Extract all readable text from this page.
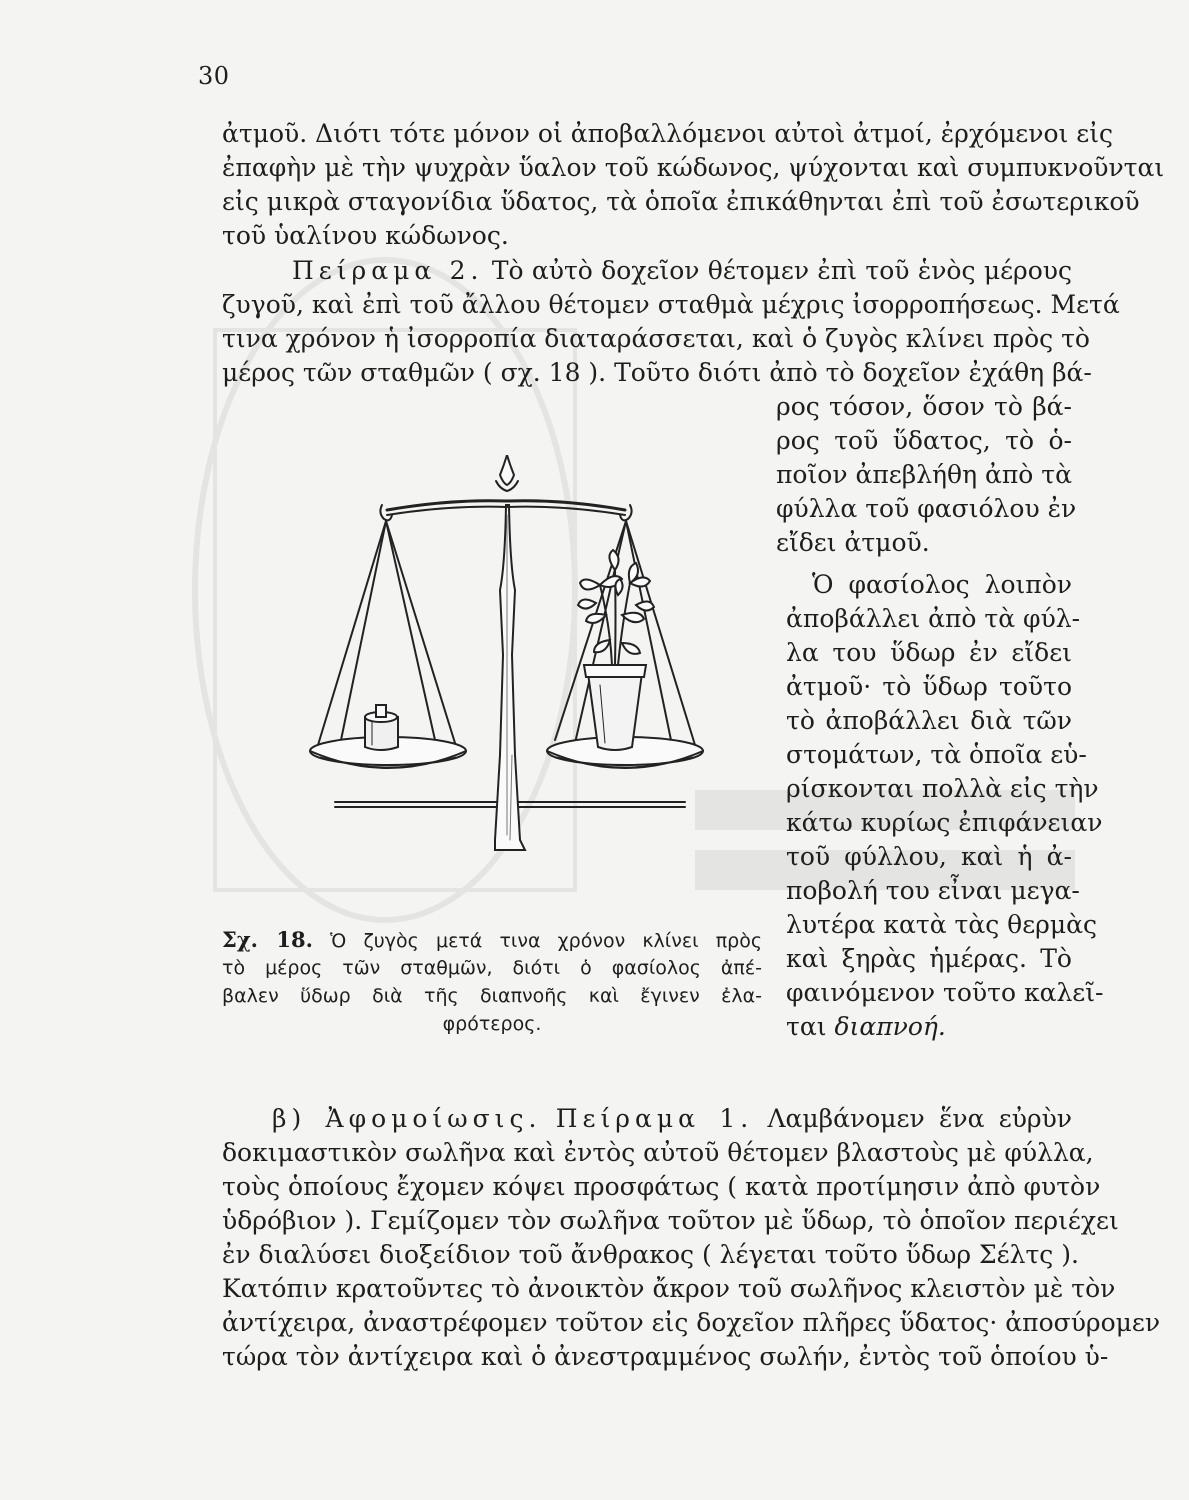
30
ἀτμοῦ. Διότι τότε μόνον οἱ ἀποβαλλόμενοι αὐτοὶ ἀτμοί, ἐρχόμενοι εἰς
ἐπαφὴν μὲ τὴν ψυχρὰν ὕαλον τοῦ κώδωνος, ψύχονται καὶ συμπυκνοῦνται
εἰς μικρὰ σταγονίδια ὕδατος, τὰ ὁποῖα ἐπικάθηνται ἐπὶ τοῦ ἐσωτερικοῦ
τοῦ ὑαλίνου κώδωνος.
Πείραμα 2. Τὸ αὐτὸ δοχεῖον θέτομεν ἐπὶ τοῦ ἑνὸς μέρους
ζυγοῦ, καὶ ἐπὶ τοῦ ἄλλου θέτομεν σταθμὰ μέχρις ἰσορροπήσεως. Μετά
τινα χρόνον ἡ ἰσορροπία διαταράσσεται, καὶ ὁ ζυγὸς κλίνει πρὸς τὸ
μέρος τῶν σταθμῶν ( σχ. 18 ). Τοῦτο διότι ἀπὸ τὸ δοχεῖον ἐχάθη βά-
ρος τόσον, ὅσον τὸ βά-
ρος τοῦ ὕδατος, τὸ ὁ-
ποῖον ἀπεβλήθη ἀπὸ τὰ
φύλλα τοῦ φασιόλου ἐν
εἴδει ἀτμοῦ.
Ὁ φασίολος λοιπὸν
ἀποβάλλει ἀπὸ τὰ φύλ-
λα του ὕδωρ ἐν εἴδει
ἀτμοῦ· τὸ ὕδωρ τοῦτο
τὸ ἀποβάλλει διὰ τῶν
στομάτων, τὰ ὁποῖα εὑ-
ρίσκονται πολλὰ εἰς τὴν
κάτω κυρίως ἐπιφάνειαν
τοῦ φύλλου, καὶ ἡ ἀ-
ποβολή του εἶναι μεγα-
λυτέρα κατὰ τὰς θερμὰς
καὶ ξηρὰς ἡμέρας. Τὸ
φαινόμενον τοῦτο καλεῖ-
ται διαπνοή.
Σχ. 18. Ὁ ζυγὸς μετά τινα χρόνον κλίνει πρὸς
τὸ μέρος τῶν σταθμῶν, διότι ὁ φασίολος ἀπέ-
βαλεν ὕδωρ διὰ τῆς διαπνοῆς καὶ ἔγινεν ἐλα-
φρότερος.
β) Ἀφομοίωσις. Πείραμα 1. Λαμβάνομεν ἕνα εὐρὺν
δοκιμαστικὸν σωλῆνα καὶ ἐντὸς αὐτοῦ θέτομεν βλαστοὺς μὲ φύλλα,
τοὺς ὁποίους ἔχομεν κόψει προσφάτως ( κατὰ προτίμησιν ἀπὸ φυτὸν
ὑδρόβιον ). Γεμίζομεν τὸν σωλῆνα τοῦτον μὲ ὕδωρ, τὸ ὁποῖον περιέχει
ἐν διαλύσει διοξείδιον τοῦ ἄνθρακος ( λέγεται τοῦτο ὕδωρ Σέλτς ).
Κατόπιν κρατοῦντες τὸ ἀνοικτὸν ἄκρον τοῦ σωλῆνος κλειστὸν μὲ τὸν
ἀντίχειρα, ἀναστρέφομεν τοῦτον εἰς δοχεῖον πλῆρες ὕδατος· ἀποσύρομεν
τώρα τὸν ἀντίχειρα καὶ ὁ ἀνεστραμμένος σωλήν, ἐντὸς τοῦ ὁποίου ὑ-
